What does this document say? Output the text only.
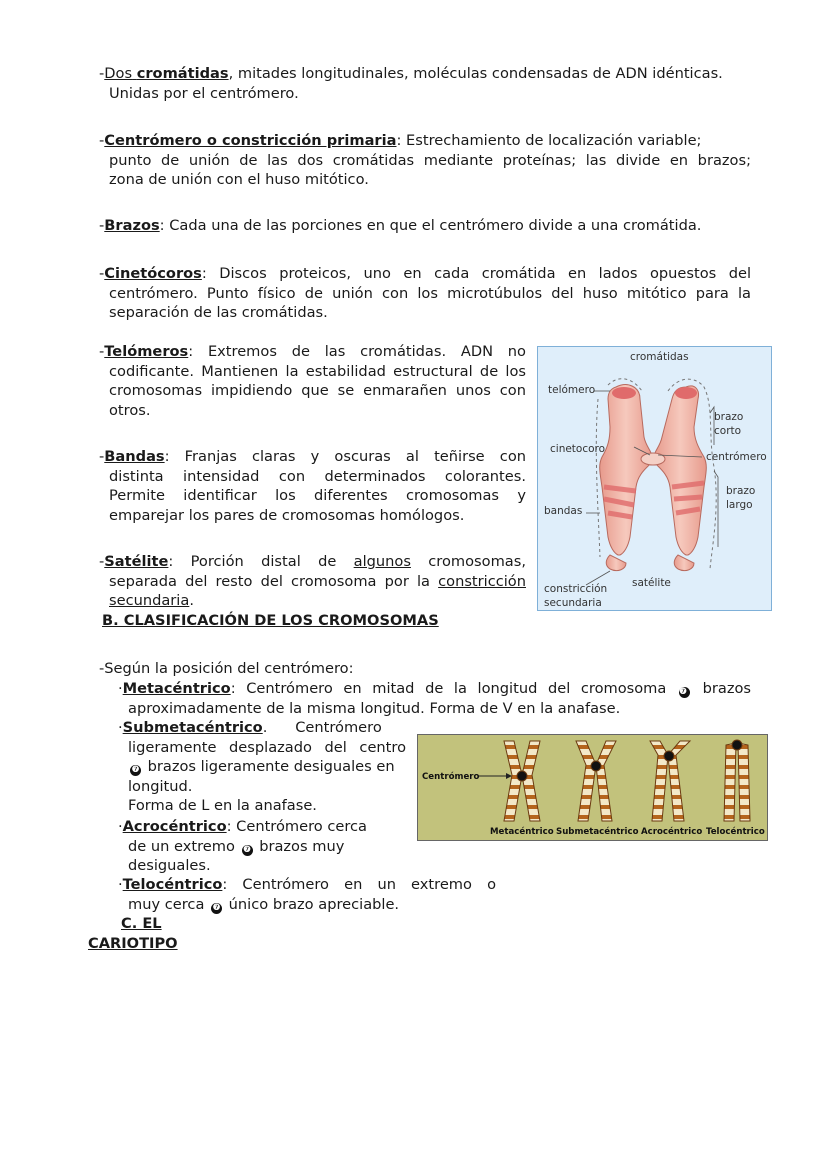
-Dos cromátidas, mitades longitudinales, moléculas condensadas de ADN idénticas.
Unidas por el centrómero.
-Centrómero o constricción primaria: Estrechamiento de localización variable;
punto de unión de las dos cromátidas mediante proteínas; las divide en brazos;
zona de unión con el huso mitótico.
-Brazos: Cada una de las porciones en que el centrómero divide a una cromátida.
-Cinetócoros: Discos proteicos, uno en cada cromátida en lados opuestos del
centrómero. Punto físico de unión con los microtúbulos del huso mitótico para la
separación de las cromátidas.
-Telómeros: Extremos de las cromátidas. ADN no
codificante. Mantienen la estabilidad estructural de los
cromosomas impidiendo que se enmarañen unos con
otros.
-Bandas: Franjas claras y oscuras al teñirse con
distinta intensidad con determinados colorantes.
Permite identificar los diferentes cromosomas y
emparejar los pares de cromosomas homólogos.
-Satélite: Porción distal de algunos cromosomas,
separada del resto del cromosoma por la constricción
secundaria.
B. CLASIFICACIÓN DE LOS CROMOSOMAS
cromátidas
telómero
brazo
corto
cinetocoro
centrómero
brazo
largo
bandas
constricción
secundaria
satélite
-Según la posición del centrómero:
·Metacéntrico: Centrómero en mitad de la longitud del cromosoma ❼ brazos
aproximadamente de la misma longitud. Forma de V en la anafase.
·Submetacéntrico.      Centrómero
ligeramente desplazado del centro
❼ brazos ligeramente desiguales en
longitud.
Forma de L en la anafase.
·Acrocéntrico: Centrómero cerca
de un extremo ❼ brazos muy
desiguales.
·Telocéntrico: Centrómero en un extremo o
muy cerca ❼ único brazo apreciable.
C. EL
CARIOTIPO
Centrómero
Metacéntrico Submetacéntrico Acrocéntrico Telocéntrico
